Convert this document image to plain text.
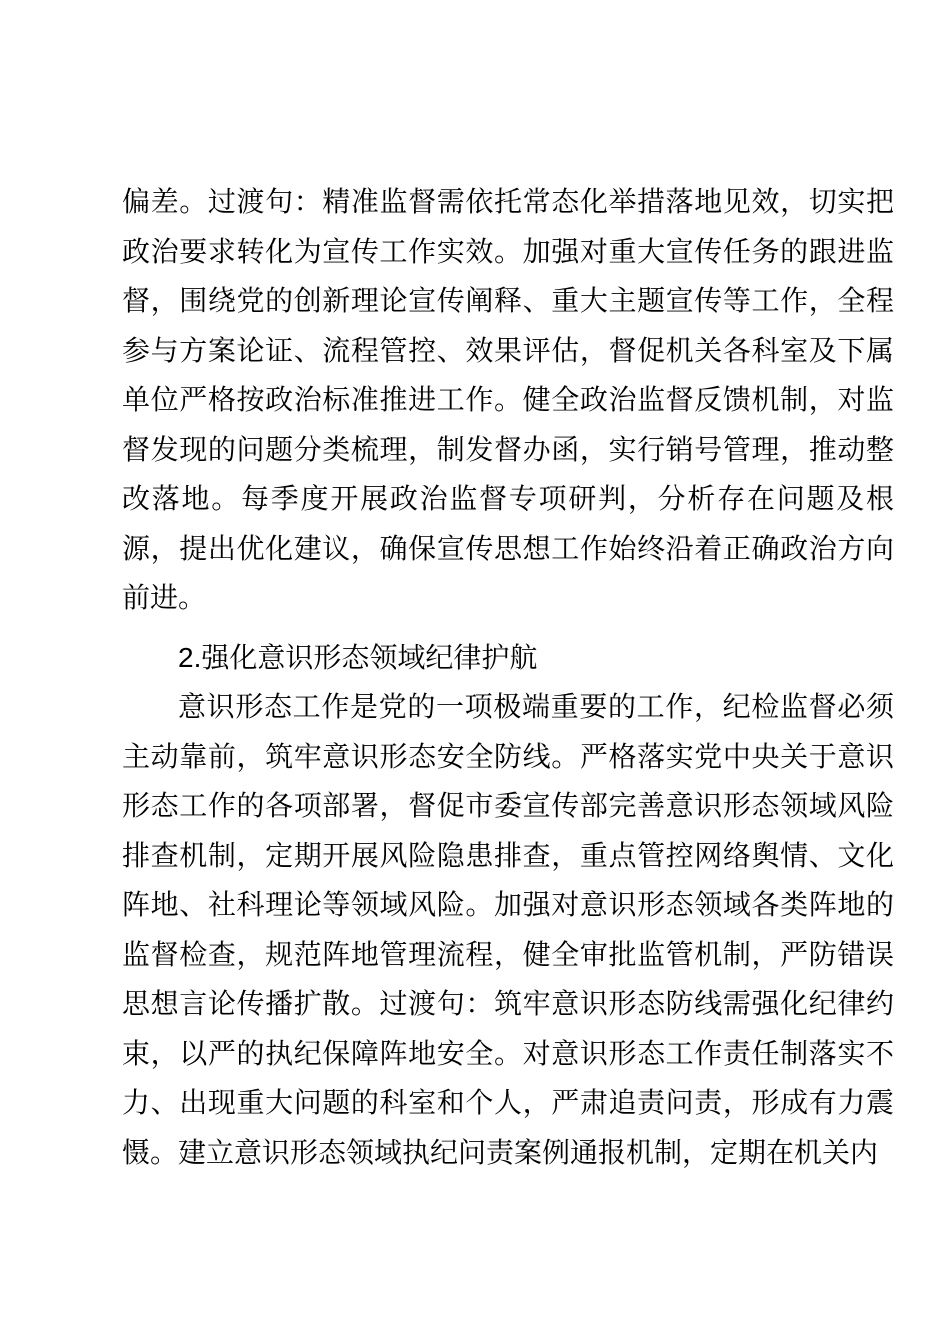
偏差。过渡句：精准监督需依托常态化举措落地见效，切实把政治要求转化为宣传工作实效。加强对重大宣传任务的跟进监督，围绕党的创新理论宣传阐释、重大主题宣传等工作，全程参与方案论证、流程管控、效果评估，督促机关各科室及下属单位严格按政治标准推进工作。健全政治监督反馈机制，对监督发现的问题分类梳理，制发督办函，实行销号管理，推动整改落地。每季度开展政治监督专项研判，分析存在问题及根源，提出优化建议，确保宣传思想工作始终沿着正确政治方向前进。

2.强化意识形态领域纪律护航

意识形态工作是党的一项极端重要的工作，纪检监督必须主动靠前，筑牢意识形态安全防线。严格落实党中央关于意识形态工作的各项部署，督促市委宣传部完善意识形态领域风险排查机制，定期开展风险隐患排查，重点管控网络舆情、文化阵地、社科理论等领域风险。加强对意识形态领域各类阵地的监督检查，规范阵地管理流程，健全审批监管机制，严防错误思想言论传播扩散。过渡句：筑牢意识形态防线需强化纪律约束，以严的执纪保障阵地安全。对意识形态工作责任制落实不力、出现重大问题的科室和个人，严肃追责问责，形成有力震慑。建立意识形态领域执纪问责案例通报机制，定期在机关内
